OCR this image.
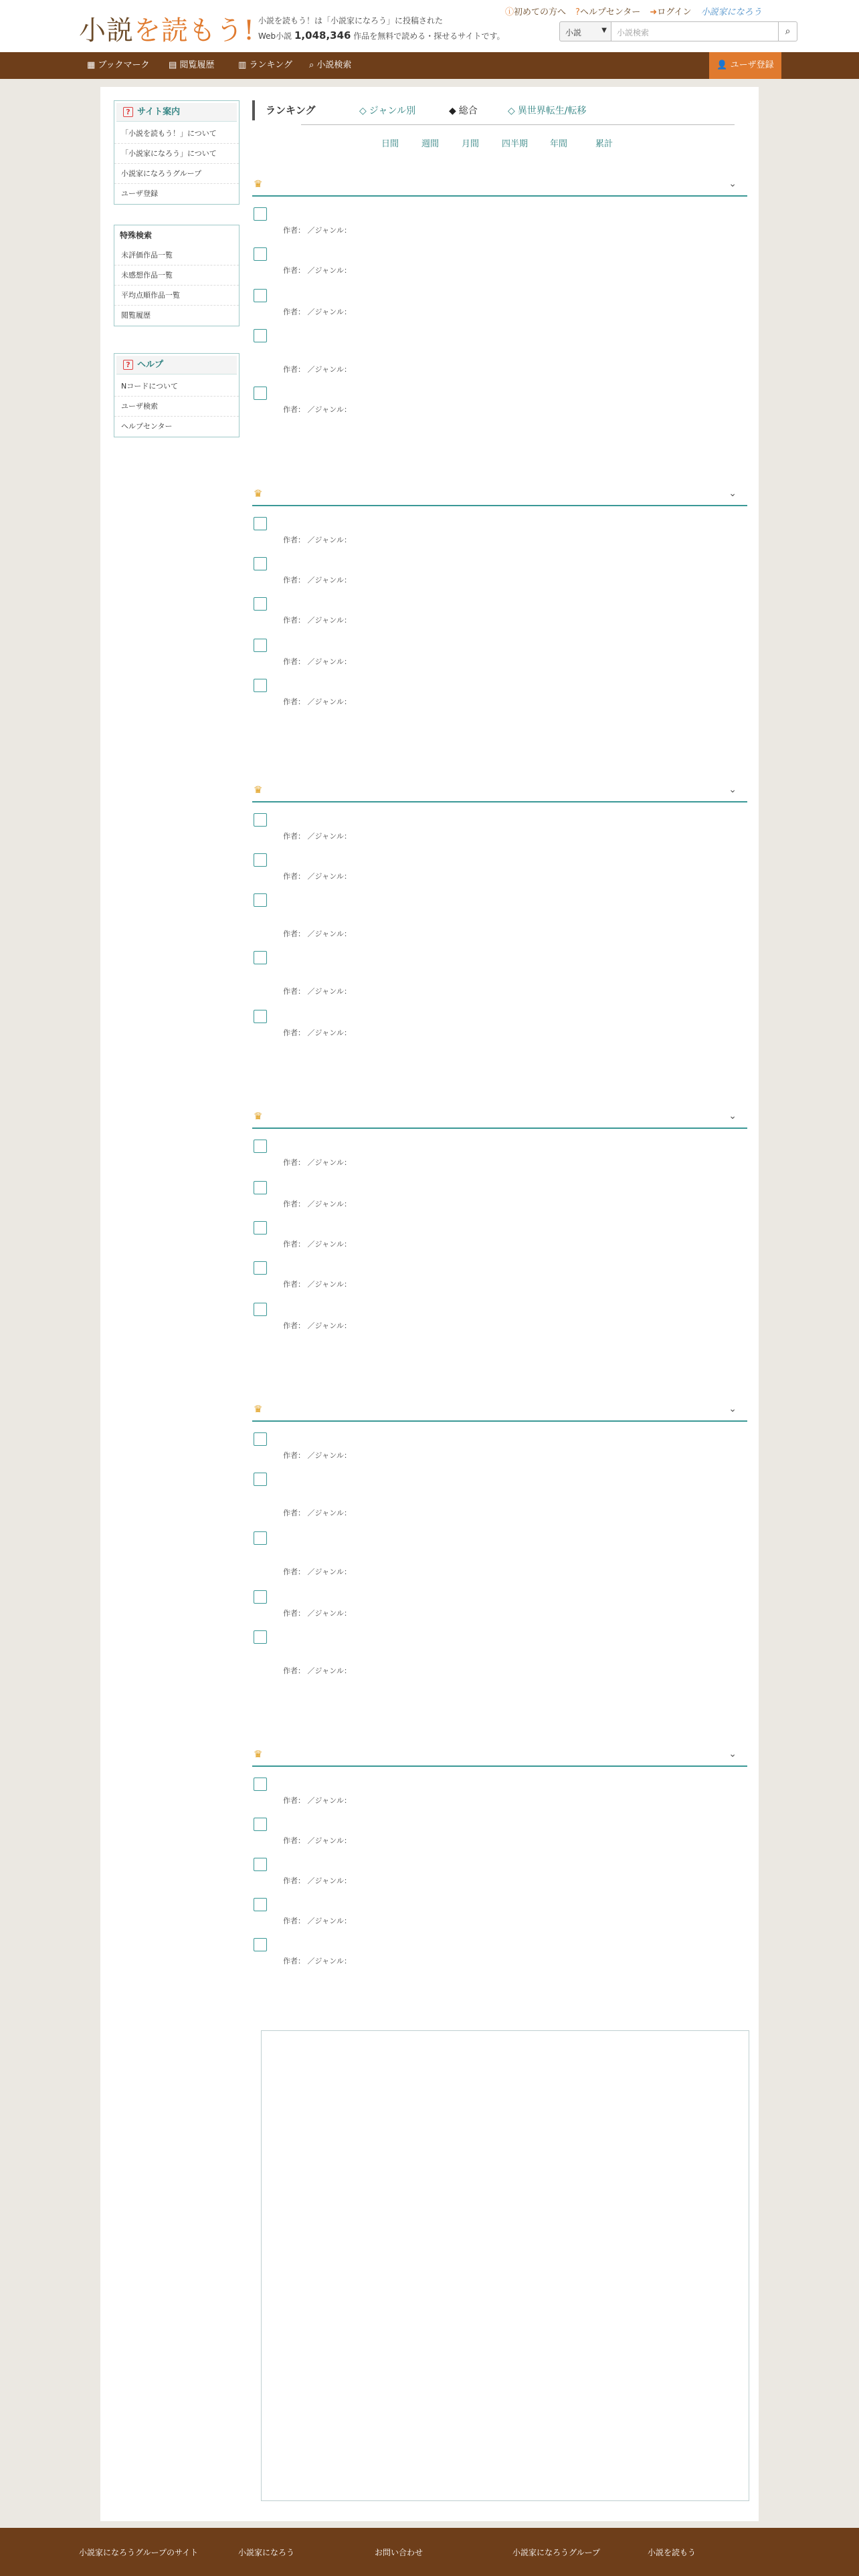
小説を読もう! 小説を読もう！は「小説家になろう」に投稿された
Web小説 1,048,346 作品を無料で読める・探せるサイトです。
ⓘ初めての方へ ?ヘルプセンター ➜ログイン 小説家になろう
小説	▼	小説検索	⌕
▦ ブックマーク ▤ 閲覧履歴	▥ ランキング ⌕ 小説検索	👤 ユーザ登録
? サイト案内
「小説を読もう！」について
「小説家になろう」について
小説家になろうグループ
ユーザ登録
特殊検索
未評価作品一覧
未感想作品一覧
平均点順作品一覧
閲覧履歴
? ヘルプ
Nコードについて
ユーザ検索
ヘルプセンター
ランキング	◇ ジャンル別	◆ 総合	◇ 異世界転生/転移
日間	週間	月間	四半期	年間	累計
♛	⌄
作者： ／ジャンル：
作者： ／ジャンル：
作者： ／ジャンル：
作者： ／ジャンル：
作者： ／ジャンル：
♛	⌄
作者： ／ジャンル：
作者： ／ジャンル：
作者： ／ジャンル：
作者： ／ジャンル：
作者： ／ジャンル：
♛	⌄
作者： ／ジャンル：
作者： ／ジャンル：
作者： ／ジャンル：
作者： ／ジャンル：
作者： ／ジャンル：
♛	⌄
作者： ／ジャンル：
作者： ／ジャンル：
作者： ／ジャンル：
作者： ／ジャンル：
作者： ／ジャンル：
♛	⌄
作者： ／ジャンル：
作者： ／ジャンル：
作者： ／ジャンル：
作者： ／ジャンル：
作者： ／ジャンル：
♛	⌄
作者： ／ジャンル：
作者： ／ジャンル：
作者： ／ジャンル：
作者： ／ジャンル：
作者： ／ジャンル：
小説家になろうグループのサイト	小説家になろう	お問い合わせ	小説家になろうグループ	小説を読もう
